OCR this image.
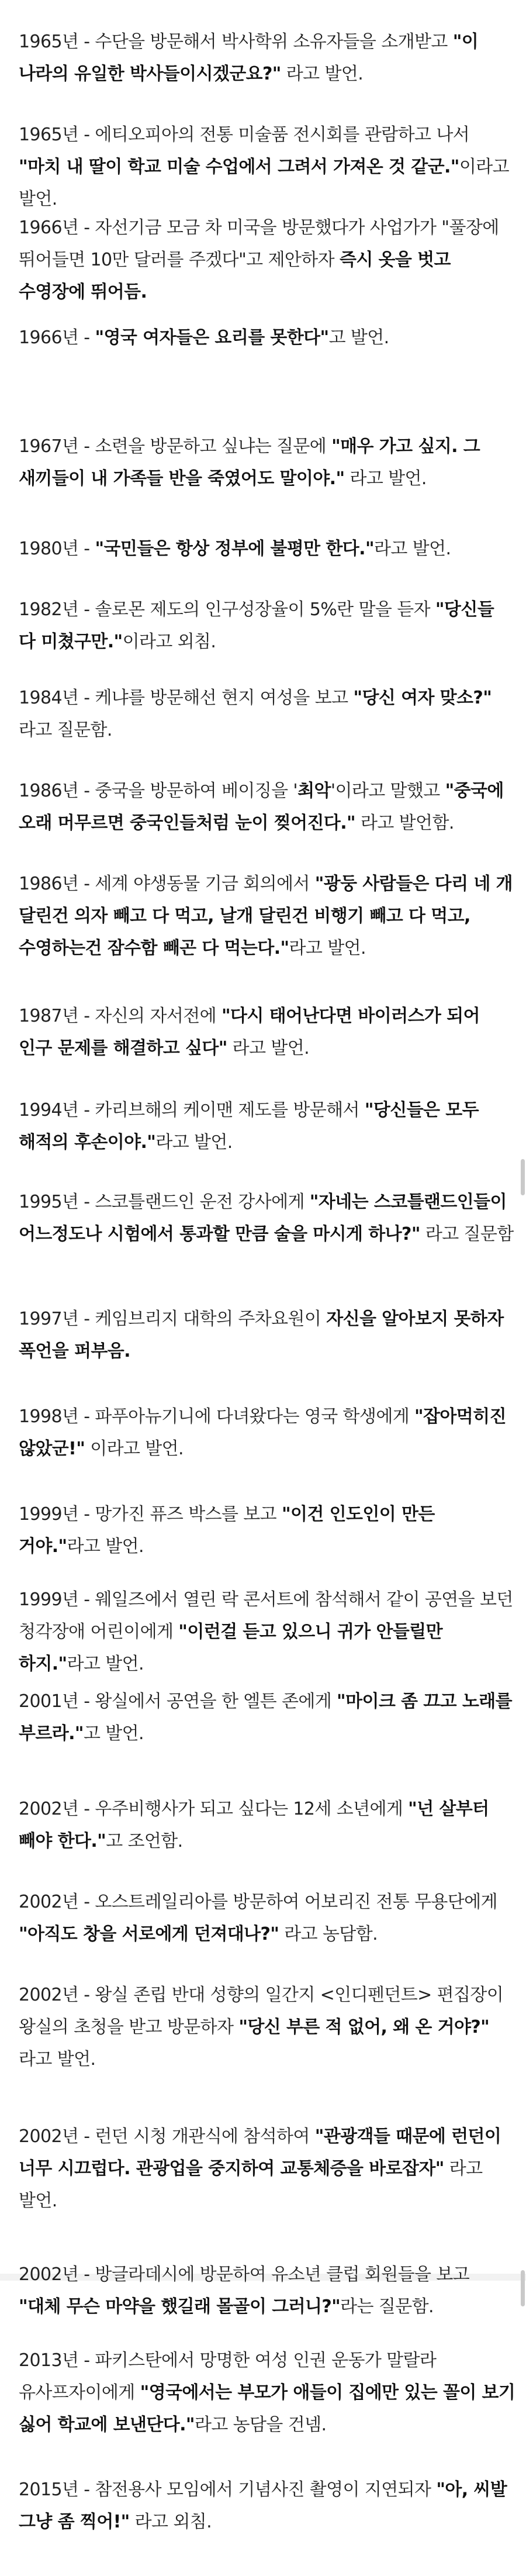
1965년 - 수단을 방문해서 박사학위 소유자들을 소개받고 "이 나라의 유일한 박사들이시겠군요?" 라고 발언.

1965년 - 에티오피아의 전통 미술품 전시회를 관람하고 나서 "마치 내 딸이 학교 미술 수업에서 그려서 가져온 것 같군."이라고 발언.

1966년 - 자선기금 모금 차 미국을 방문했다가 사업가가 "풀장에 뛰어들면 10만 달러를 주겠다"고 제안하자 즉시 옷을 벗고 수영장에 뛰어듬.

1966년 - "영국 여자들은 요리를 못한다"고 발언.

1967년 - 소련을 방문하고 싶냐는 질문에 "매우 가고 싶지. 그 새끼들이 내 가족들 반을 죽였어도 말이야." 라고 발언.

1980년 - "국민들은 항상 정부에 불평만 한다."라고 발언.

1982년 - 솔로몬 제도의 인구성장율이 5%란 말을 듣자 "당신들 다 미쳤구만."이라고 외침.

1984년 - 케냐를 방문해선 현지 여성을 보고 "당신 여자 맞소?" 라고 질문함.

1986년 - 중국을 방문하여 베이징을 '최악'이라고 말했고 "중국에 오래 머무르면 중국인들처럼 눈이 찢어진다." 라고 발언함.

1986년 - 세계 야생동물 기금 회의에서 "광둥 사람들은 다리 네 개 달린건 의자 빼고 다 먹고, 날개 달린건 비행기 빼고 다 먹고, 수영하는건 잠수함 빼곤 다 먹는다."라고 발언.

1987년 - 자신의 자서전에 "다시 태어난다면 바이러스가 되어 인구 문제를 해결하고 싶다" 라고 발언.

1994년 - 카리브해의 케이맨 제도를 방문해서 "당신들은 모두 해적의 후손이야."라고 발언.

1995년 - 스코틀랜드인 운전 강사에게 "자네는 스코틀랜드인들이 어느정도나 시험에서 통과할 만큼 술을 마시게 하나?" 라고 질문함

1997년 - 케임브리지 대학의 주차요원이 자신을 알아보지 못하자 폭언을 퍼부음.

1998년 - 파푸아뉴기니에 다녀왔다는 영국 학생에게 "잡아먹히진 않았군!" 이라고 발언.

1999년 - 망가진 퓨즈 박스를 보고 "이건 인도인이 만든 거야."라고 발언.

1999년 - 웨일즈에서 열린 락 콘서트에 참석해서 같이 공연을 보던 청각장애 어린이에게 "이런걸 듣고 있으니 귀가 안들릴만 하지."라고 발언.

2001년 - 왕실에서 공연을 한 엘튼 존에게 "마이크 좀 끄고 노래를 부르라."고 발언.

2002년 - 우주비행사가 되고 싶다는 12세 소년에게 "넌 살부터 빼야 한다."고 조언함.

2002년 - 오스트레일리아를 방문하여 어보리진 전통 무용단에게 "아직도 창을 서로에게 던져대나?" 라고 농담함.

2002년 - 왕실 존립 반대 성향의 일간지 <인디펜던트> 편집장이 왕실의 초청을 받고 방문하자 "당신 부른 적 없어, 왜 온 거야?" 라고 발언.

2002년 - 런던 시청 개관식에 참석하여 "관광객들 때문에 런던이 너무 시끄럽다. 관광업을 중지하여 교통체증을 바로잡자" 라고 발언.

2002년 - 방글라데시에 방문하여 유소년 클럽 회원들을 보고 "대체 무슨 마약을 했길래 몰골이 그러니?"라는 질문함.

2013년 - 파키스탄에서 망명한 여성 인권 운동가 말랄라 유사프자이에게 "영국에서는 부모가 애들이 집에만 있는 꼴이 보기 싫어 학교에 보낸단다."라고 농담을 건넴.

2015년 - 참전용사 모임에서 기념사진 촬영이 지연되자 "아, 씨발 그냥 좀 찍어!" 라고 외침.
